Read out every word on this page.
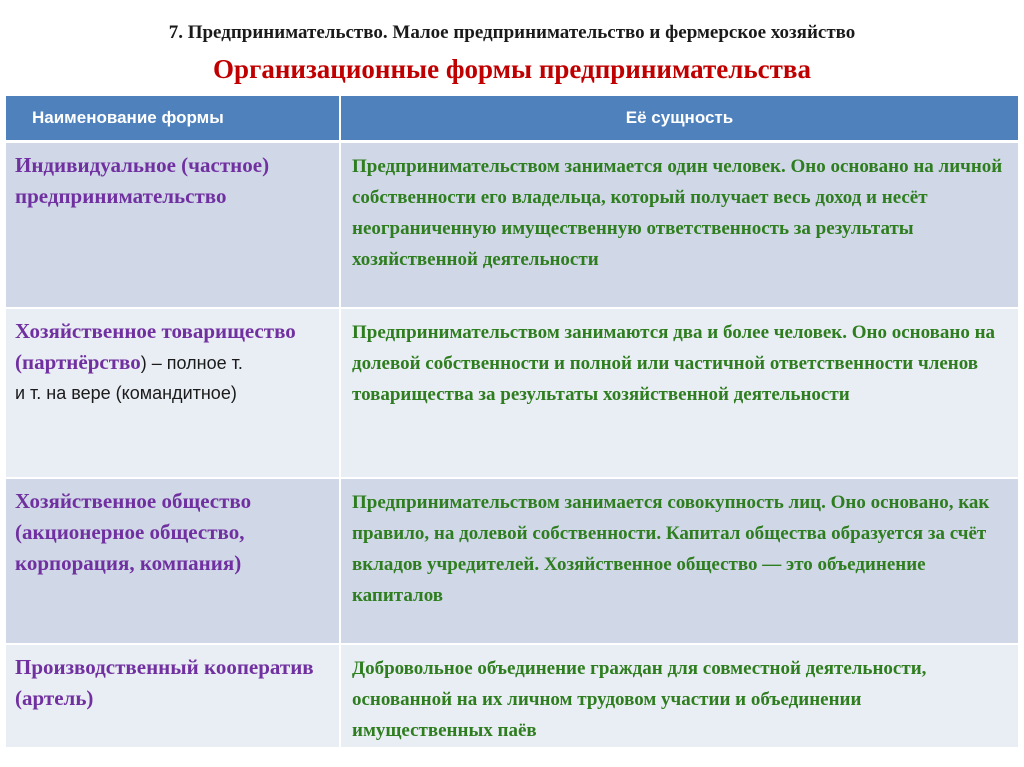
7. Предпринимательство. Малое предпринимательство и фермерское хозяйство
Организационные формы предпринимательства
Наименование формы	Её сущность

Индивидуальное (частное) предпринимательство	Предпринимательством занимается один человек. Оно основано на личной собственности его владельца, который получает весь доход и несёт неограниченную имущественную ответственность за результаты хозяйственной деятельности

Хозяйственное товарищество (партнёрство) – полное т.
и т. на вере (командитное)	Предпринимательством занимаются два и более человек. Оно основано на долевой собственности и полной или частичной ответственности членов товарищества за результаты хозяйственной деятельности

Хозяйственное общество (акционерное общество, корпорация, компания)	Предпринимательством занимается совокупность лиц. Оно основано, как правило, на долевой собственности. Капитал общества образуется за счёт вкладов учредителей. Хозяйственное общество — это объединение капиталов

Производственный кооператив (артель)	Добровольное объединение граждан для совместной деятельности, основанной на их личном трудовом участии и объединении имущественных паёв
